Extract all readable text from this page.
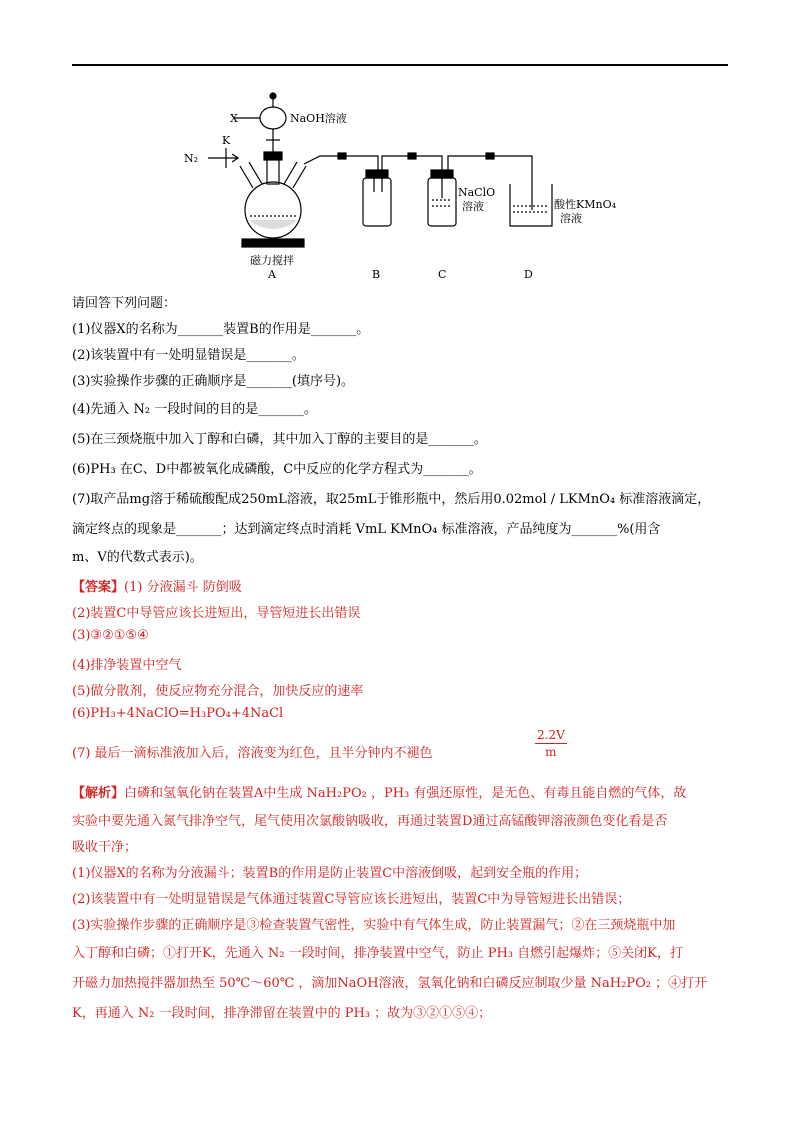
X
K
N₂
NaOH溶液
磁力搅拌
NaClO
溶液	酸性KMnO₄
溶液
A	B	C	D
请回答下列问题：
(1)仪器X的名称为_______装置B的作用是_______。
(2)该装置中有一处明显错误是_______。
(3)实验操作步骤的正确顺序是_______(填序号)。
(4)先通入 N₂ 一段时间的目的是_______。
(5)在三颈烧瓶中加入丁醇和白磷，其中加入丁醇的主要目的是_______。
(6)PH₃ 在C、D中都被氧化成磷酸，C中反应的化学方程式为_______。
(7)取产品mg溶于稀硫酸配成250mL溶液，取25mL于锥形瓶中，然后用0.02mol / LKMnO₄ 标准溶液滴定，
滴定终点的现象是_______；达到滴定终点时消耗 VmL KMnO₄ 标准溶液，产品纯度为_______%(用含
m、V的代数式表示)。
【答案】(1) 分液漏斗 防倒吸
(2)装置C中导管应该长进短出，导管短进长出错误
(3)③②①⑤④
(4)排净装置中空气
(5)做分散剂，使反应物充分混合，加快反应的速率
(6)PH₃+4NaClO=H₃PO₄+4NaCl
(7) 最后一滴标准液加入后，溶液变为红色，且半分钟内不褪色	$\frac{2.2V}{m}$
【解析】白磷和氢氧化钠在装置A中生成 NaH₂PO₂ ，PH₃ 有强还原性，是无色、有毒且能自燃的气体，故
实验中要先通入氮气排净空气，尾气使用次氯酸钠吸收，再通过装置D通过高锰酸钾溶液颜色变化看是否
吸收干净；
(1)仪器X的名称为分液漏斗；装置B的作用是防止装置C中溶液倒吸，起到安全瓶的作用；
(2)该装置中有一处明显错误是气体通过装置C导管应该长进短出，装置C中为导管短进长出错误；
(3)实验操作步骤的正确顺序是③检查装置气密性，实验中有气体生成，防止装置漏气；②在三颈烧瓶中加
入丁醇和白磷；①打开K，先通入 N₂ 一段时间，排净装置中空气，防止 PH₃ 自燃引起爆炸；⑤关闭K，打
开磁力加热搅拌器加热至 50℃～60℃ ，滴加NaOH溶液，氢氧化钠和白磷反应制取少量 NaH₂PO₂ ；④打开
K，再通入 N₂ 一段时间，排净滞留在装置中的 PH₃ ；故为③②①⑤④；
